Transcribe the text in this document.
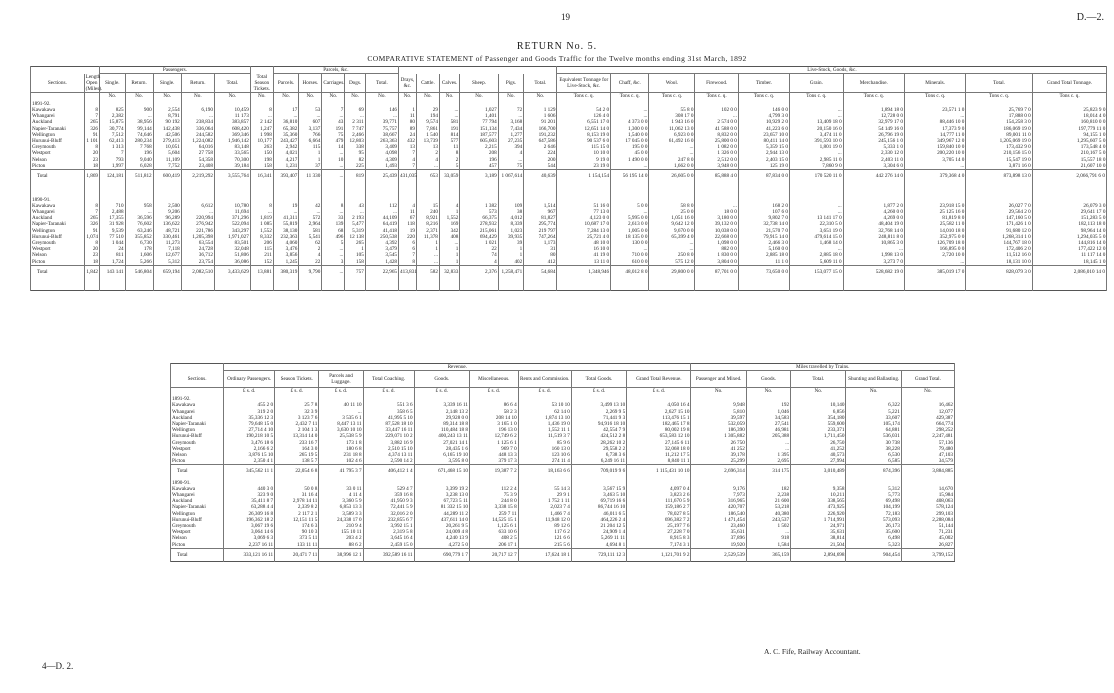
19	D.—2.
RETURN No. 5.
COMPARATIVE STATEMENT of Passenger and Goods Traffic for the Twelve months ending 31st March, 1892
		Passengers.						Parcels, &c.											Live-Stock, Goods, &c.										
Sections.	Length Open (Miles).	Single.	Return.	Single.	Return.	Total.	Total Season Tickets.	Parcels.	Horses.	Carriages.	Dogs.	Total.	Drays, &c.	Cattle.	Calves.	Sheep.	Pigs.	Total.	Equivalent Tonnage for Live-Stock, &c.	Chaff, &c.	Wool.	Firewood.	Timber.	Grain.	Merchandise.	Minerals.	Total.	Grand Total Tonnage.	
		No.	No.	No.	No.	No.	No.	No.	No.	No.	No.	No.	No.	No.	No.	No.	No.	No.	Tons c. q.	Tons c. q.	Tons c. q.	Tons c. q.	Tons c. q.	Tons c. q.	Tons c. q.	Tons c. q.	Tons c. q.	Tons c. q.	
1891-92.																													
Kawakawa	8	825	900	2,554	6,190	10,459	8	17	53	7	69	146	1	29	...	1,027	72	1 129	54 2 0	...	55 8 0	102 0 0	146 0 0	...	1,894 18 0	23,571 1 0	25,769 7 0	25,823 9 0	
Whangarei	7	2,382	...	8,791	...	11 173	...	...	...	...	...	...	11	194	...	1,401	...	1 606	126 4 0	...	308 17 0	...	4,799 3 0	...	12,728 0 0	...	17,888 0 0	18,014 4 0	
Auckland	265	15,875	38,956	90 192	238,834	383,857	2 142	36,810	607	43	2 311	39,771	80	9,574	581	77 794	3,168	91 201	6,551 17 0	4 373 0 0	1 943 16 0	2 574 0 0	10,929 2 0	13,409 18 0	32,979 17 0	88,446 10 0	154,258 3 0	160,810 0 0	
Napier-Taranaki	326	30,774	99,144	142,438	336,064	608,420	1,247	65,382	3,137	191	7 747	75,757	89	7,861	191	151,134	7,434	166,700	12,651 14 0	1,300 0 0	11,062 13 0	41 588 0 0	41,223 6 0	20,150 16 0	54 149 16 0	17,373 9 0	186,069 19 0	197,779 11 0	
Wellington	91	7,512	74,646	42,506	244,582	369,346	1 998	35,360	766	75	2,466	38,667	24	1 540	814	187,577	1,277	191,232	8,153 19 0	1,540 0 0	6,923 0 0	8,832 0 0	23,657 10 0	3,474 11 0	26,796 19 0	14,777 11 0	89,001 11 0	94,155 1 0	
Hurunui-Bluff	1 101	62,413	280,234	279,413	1,224,082	1,946,142	10,177	243,427	6,664	479	12,803	263,363	432	13,739	577	605,603	27,235	647,586	90 537 6 0	17 045 0 0	61,492 16 0	25,800 0 0	80,411 14 0	391,593 10 0	245,156 1 0	349,967 12 0	1,205,069 19 0	1,295,607 5 0	
Greymouth	8	1 313	7 768	10,051	64,016	83,148	263	2,942	115	14	338	3,409	13	13	11	2,215	394	2 646	115 15 0	195 0 0	...	1 082 0 0	5,359 15 0	1,801 19 0	5,333 1 0	159,840 10 0	173,432 9 0	173,548 4 0	
Westport	20	7	196	5,604	27 758	33,565	150	4,021	1	...	95	4,098	7	2	8	208	4	224	10 10 0	45 0 0	...	1 326 0 0	2,944 13 0	...	2,330 12 0	200,220 10 0	210,156 15 0	210,167 5 0	
Nelson	23	793	9,040	11,109	54,358	70,300	198	4,217	1	10	82	4,309	4	4	2	196	...	200	9 19 0	1 490 0 0	247 8 0	2,512 0 0	2,403 15 0	2,985 11 0	2,403 11 0	3,705 14 0	15,547 19 0	15,557 18 0	
Picton	18	1,997	6,028	7,752	23,408	39,184	158	1,231	37	...	225	1,493	7	...	5	457	75	544	23 19 0	...	1,662 0 0	3,948 0 0	125 19 0	7,860 9 0	3,304 6 0	...	3,871 16 0	21,607 10 0	
Total	1,869	124,181	511,812	600,419	2,219,292	3,555,764	16,341	393,407	11 330	...	819	25,439	431,035	653	33,059	3,189	1 067,614	40,639	1 154,154	56 195 14 0	26,605 0 0	85,888 4 0	87,834 0 0	170 520 11 0	442 276 14 0	379,368 4 0	873,898 13 0	2,066,791 6 0	
1890-91.																													
Kawakawa	8	710	958	2,500	6,612	10,780	8	19	42	8	43	112	4	15	4	1 382	109	1,514	51 16 0	5 0 0	58 8 0	...	168 2 0	...	1,877 2 0	23,918 15 0	26,027 7 0	26,079 3 0	
Whangarei	7	2,488	...	9,206	...	11,694	...	...	...	...	...	...	11	240	1	573	38	967	77 13 0	...	25 0 0	18 0 0	107 6 0	...	4,260 0 0	25 125 16 0	29,564 2 0	29,641 17 0	
Auckland	265	17,355	36,596	96,289	220,994	371,296	1,819	41,311	572	33	2 193	44,109	67	8,921	1,552	66,375	4,012	81,827	4,123 0 0	5,995 0 0	1,051 16 0	3,180 0 0	9,802 7 0	13 141 17 0	4,269 0 0	81,819 8 0	147,160 5 0	151,283 5 0	
Napier-Taranaki	326	31 928	76,602	136,622	276,942	522,094	1 085	55,819	2,964	139	5,477	64,419	118	8,216	169	278,932	8,339	295,774	10,687 17 0	2,613 0 0	9,642 12 0	39,132 0 0	32,738 14 0	22,310 5 0	48,404 19 0	25,582 11 0	171,426 1 0	182,113 18 0	
Wellington	91	9,539	63,246	48,721	221,786	343,297	1,552	38,130	581	68	5,319	41,418	19	2,371	342	215,061	1,023	219 797	7,284 13 0	1,005 0 0	9,670 0 0	10,038 0 0	21,570 7 0	3,651 19 0	32,768 14 0	14,010 18 0	91,680 12 0	98,964 14 0	
Hurunui-Bluff	1,074	77 510	355,852	330,461	1,205,398	1,971,027	8,332	232,363	5,541	496	12 138	250,538	220	11,378	408	694,429	39,935	747,264	25,721 4 0	18 135 0 0	65,399 4 0	22,668 0 0	79,915 14 0	479,614 15 0	248,811 8 0	352,975 0 0	1,268,314 1 0	1,294,035 5 0	
Greymouth	8	1 044	6,730	11,273	63,554	83,501	206	4,060	62	5	265	4,392	6	1	...	1 021	39	1,173	48 10 0	130 0 0	...	1,098 0 0	2,466 3 0	1,468 14 0	10,865 3 0	126,709 18 0	144,767 18 0	144,816 14 0	
Westport	20	24	178	7,118	24,728	32,048	115	3,476	2	...	1	3,479	6	1	1	22	1	31	16 10 0	...	...	882 0 0	5,160 0 0	...	...	166,895 0 0	172,406 2 0	177,422 12 0	
Nelson	23	811	1,606	12,677	36,712	51,806	211	3,856	4	...	105	3,545	7	...	1	74	1	80	41 19 0	710 0 0	250 8 0	1 830 0 0	2,885 18 0	2,885 18 0	1,998 13 0	2,720 10 0	11,512 16 0	11 117 14 0	
Picton	18	1,724	5,266	5,312	23,754	36,086	152	1,245	22	3	158	1,428	8	...	1	4	402	412	13 11 0	610 0 0	575 12 0	3,804 0 0	11 1 0	5,609 11 0	3,273 7 0	...	18,131 10 0	18,145 1 0	
Total	1,842	143 141	546,804	659,194	2,082,510	3,433,629	13,881	380,319	9,790	...	757	22,965	413,831	582	32,833	2,376	1,258,471	54,684	1,348,946	48,012 8 0	29,800 0 0	87,701 0 0	73,650 0 0	153,077 15 0	528,682 19 0	385,019 17 0	828,079 3 0	2,086,010 14 0	
	Revenue.									Miles travelled by Trains.				
Sections.	Ordinary Passengers.	Season Tickets.	Parcels and Luggage.	Total Coaching.	Goods.	Miscellaneous.	Rents and Commission.	Total Goods.	Grand Total Revenue.	Passenger and Mixed.	Goods.	Total.	Shunting and Ballasting.	Grand Total.
	£ s. d.	£ s. d.	£ s. d.	£ s. d.	£ s. d.	£ s. d.	£ s. d.	£ s. d.	£ s. d.	No.	No.	No.	No.	No.
1891-92.														
Kawakawa	455 2 0	25 7 8	40 11 10	551 3 6	3,339 16 11	86 6 4	53 10 10	3,499 13 10	4,050 16 4	9,948	192	10,140	6,322	16,462
Whangarei	319 2 0	32 3 9	...	358 6 5	2,148 13 2	58 2 3	62 14 0	2,269 9 5	2,627 15 10	5,810	1,046	6,856	5,221	12,077
Auckland	35,336 12 3	3 123 7 6	3 535 6 1	41,995 5 10	29,928 0 0	208 14 10	1,874 13 10	71,441 9 3	113,476 15 1	39,597	34,583	354,180	33,607	429,387
Napier-Taranaki	79,648 15 0	2,432 7 11	8,447 13 11	87,528 18 10	89,314 18 8	3 165 1 0	1,436 19 0	94,916 18 10	182,465 17 8	532,059	27,541	559,600	105,174	664,774
Wellington	27,714 4 10	2 104 1 3	3,630 10 10	33,447 16 11	110,484 18 8	196 13 0	1,552 11 1	42,554 7 9	80,002 19 8	186,390	46,981	233,371	64,881	298,252
Hurunui-Bluff	190,218 10 5	13,314 14 0	25,538 5 9	229,071 10 2	400,243 13 11	12,749 6 2	11,519 3 7	424,512 2 8	653,583 12 10	1 305,882	205,388	1,711,450	536,031	2,247,481
Greymouth	3,476 18 6	233 16 7	173 1 8	3,882 16 9	27,021 14 1	1 125 6 1	85 9 6	28,262 10 2	27,145 6 11	26 750	...	26,750	30 738	57,136
Westport	2,166 6 2	164 3 0	180 6 8	2,510 15 10	28,435 1 6	969 7 0	160 13 0	29,558 2 2	32,068 18 0	41 252	...	41,252	38,228	79,480
Nelson	3,876 15 10	265 19 5	231 18 8	4,374 13 11	6,165 19 10	448 13 3	123 10 6	6,738 3 6	11,212 17 5	39,178	1 395	40,573	6,530	47,103
Picton	2,350 4 1	138 5 7	102 4 6	2,590 14 2	3,595 8 0	379 17 3	274 11 4	6,249 16 11	8,840 11 1	25,299	2,695	27,994	6,585	34,579
Total	345,562 11 1	22,054 6 8	41 795 3 7	406,412 1 4	671,468 15 10	19,387 7 2	18,163 6 6	709,019 9 6	1 115,431 10 10	2,696,314	314 175	3,010,489	874,396	3,884,885
1890-91.														
Kawakawa	440 3 0	50 0 8	33 0 11	529 4 7	3,399 19 2	112 2 4	55 14 3	3,567 15 9	4,097 0 4	9,176	182	9,358	5,312	14,670
Whangarei	323 9 0	31 16 4	4 11 4	359 16 8	3,238 13 0	75 3 9	29 9 1	3,463 5 10	3,823 2 6	7,973	2,238	10,211	5,773	15,984
Auckland	35,411 8 7	2,978 14 11	3,360 5 9	41,950 9 3	67,723 5 11	244 8 0	1 752 1 11	69,719 16 6	111,670 5 9	316,965	21 600	338,565	69,498	408,063
Napier-Taranaki	63,288 4 4	2,339 8 2	6,853 13 3	72,441 5 9	81 332 15 10	3,338 15 8	2,023 7 4	86,744 16 10	159,186 2 7	420,707	53,218	473,925	104,199	578,124
Wellington	26,309 16 8	2 117 2 1	3,589 3 3	32,016 2 0	44,289 11 2	259 7 11	1,466 7 4	46,011 6 5	78,027 8 5	186,540	40,380	226,920	72,183	299,103
Hurunui-Bluff	196,362 18 2	12,151 11 5	24,338 17 0	232,855 6 7	437,611 14 0	14,525 15 1	11,948 12 0	464,226 2 4	696,382 7 2	1 471,454	243,537	1 714,991	573,093	2,288,084
Greymouth	3,067 19 6	174 6 3	210 9 4	3,992 15 1	20,261 9 5	1,125 6 1	89 12 6	21 204 12 5	25,197 7 6	23,460	1 502	24,971	26,173	51,144
Westport	3,064 14 6	90 10 3	155 10 11	2,319 5 8	24,009 4 8	633 10 6	117 6 2	24,909 1 4	27,228 7 0	35,631	...	35,631	35,600	71,231
Nelson	3,069 6 3	373 5 11	203 4 2	3,645 16 4	4,240 13 9	408 2 5	121 6 6	5,269 11 11	8,915 8 3	37,896	918	38,814	6,498	45,002
Picton	2,237 16 11	133 11 11	88 6 2	2,459 15 0	4,272 5 0	206 17 1	215 5 6	4,694 8 1	7,174 3 1	19,920	1,584	21,504	5,323	26,827
Total	333,121 16 11	20,471 7 11	38,996 12 1	392,589 16 11	690,779 1 7	20,717 12 7	17,624 18 1	729,111 12 3	1,121,701 9 2	2,529,539	365,159	2,894,698	904,454	3,799,152
A. C. Fife, Railway Accountant.
4—D. 2.
